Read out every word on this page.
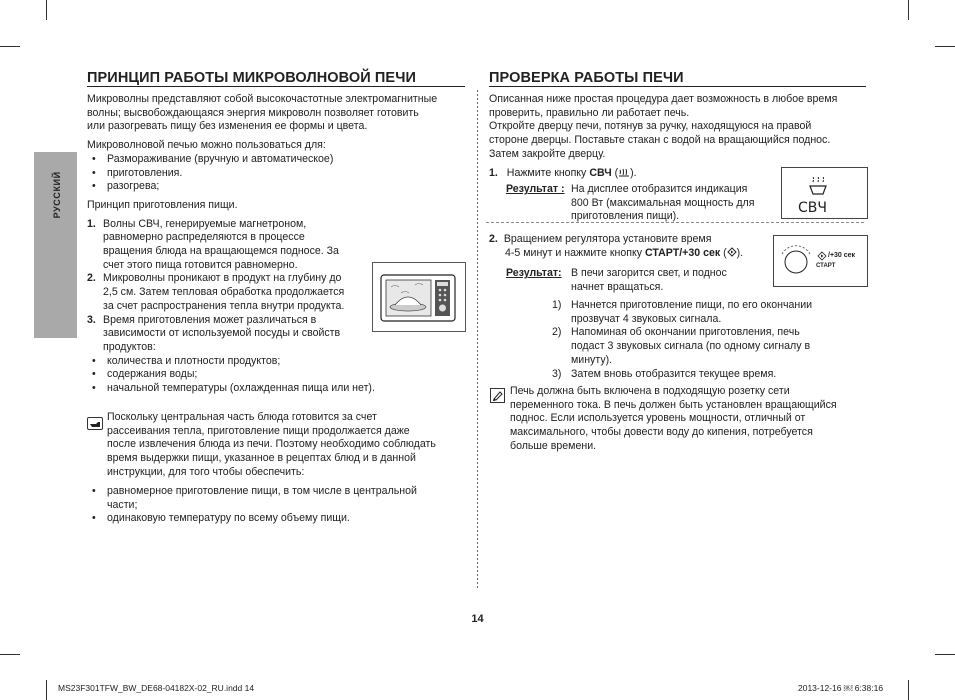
РУССКИЙ
ПРИНЦИП РАБОТЫ МИКРОВОЛНОВОЙ ПЕЧИ

Микроволны представляют собой высокочастотные электромагнитные

волны; высвобождающаяся энергия микроволн позволяет готовить

или разогревать пищу без изменения ее формы и цвета.

Микроволновой печью можно пользоваться для:

• Размораживание (вручную и автоматическое)

• приготовления.

• разогрева;

Принцип приготовления пищи.

1. Волны СВЧ, генерируемые магнетроном,

равномерно распределяются в процессе

вращения блюда на вращающемся подносе. За

счет этого пища готовится равномерно.

2. Микроволны проникают в продукт на глубину до

2,5 см. Затем тепловая обработка продолжается

за счет распространения тепла внутри продукта.

3. Время приготовления может различаться в

зависимости от используемой посуды и свойств

продуктов:

• количества и плотности продуктов;

• содержания воды;

• начальной температуры (охлажденная пища или нет).

Поскольку центральная часть блюда готовится за счет

рассеивания тепла, приготовление пищи продолжается даже

после извлечения блюда из печи. Поэтому необходимо соблюдать

время выдержки пищи, указанное в рецептах блюд и в данной

инструкции, для того чтобы обеспечить:

• равномерное приготовление пищи, в том числе в центральной

части;

• одинаковую температуру по всему объему пищи.

ПРОВЕРКА РАБОТЫ ПЕЧИ

Описанная ниже простая процедура дает возможность в любое время

проверить, правильно ли работает печь.

Откройте дверцу печи, потянув за ручку, находящуюся на правой

стороне дверцы. Поставьте стакан с водой на вращающийся поднос.

Затем закройте дверцу.

1. Нажмите кнопку СВЧ ( ).
Результат : На дисплее отобразится индикация

800 Вт (максимальная мощность для

приготовления пищи).

СВЧ

2. Вращением регулятора установите время

4-5 минут и нажмите кнопку СТАРТ/+30 сек ( ).

Результат: В печи загорится свет, и поднос

начнет вращаться.

/+30 сек
СТАРТ
1) Начнется приготовление пищи, по его окончании

прозвучат 4 звуковых сигнала.

2) Напоминая об окончании приготовления, печь

подаст 3 звуковых сигнала (по одному сигналу в

минуту).

3) Затем вновь отобразится текущее время.

Печь должна быть включена в подходящую розетку сети

переменного тока. В печь должен быть установлен вращающийся

поднос. Если используется уровень мощности, отличный от

максимального, чтобы довести воду до кипения, потребуется

больше времени.

14
MS23F301TFW_BW_DE68-04182X-02_RU.indd 14	2013-12-16 ￼ 6:38:16
